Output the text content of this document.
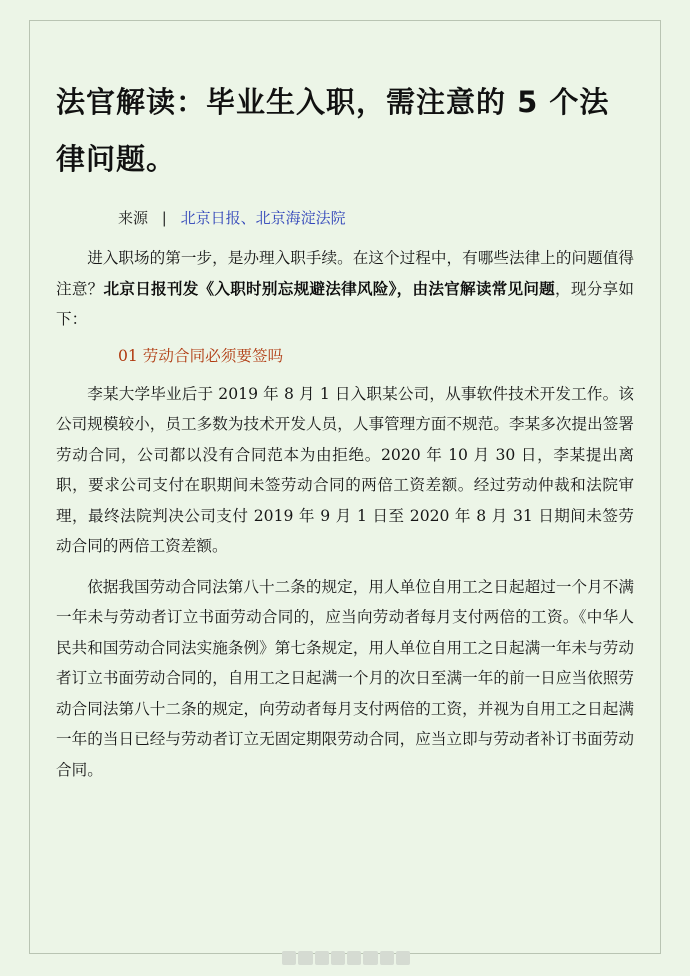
法官解读：毕业生入职，需注意的 5 个法律问题。
来源 | 北京日报、北京海淀法院

进入职场的第一步，是办理入职手续。在这个过程中，有哪些法律上的问题值得注意？北京日报刊发《入职时别忘规避法律风险》，由法官解读常见问题，现分享如下：

01 劳动合同必须要签吗

李某大学毕业后于 2019 年 8 月 1 日入职某公司，从事软件技术开发工作。该公司规模较小，员工多数为技术开发人员，人事管理方面不规范。李某多次提出签署劳动合同，公司都以没有合同范本为由拒绝。2020 年 10 月 30 日，李某提出离职，要求公司支付在职期间未签劳动合同的两倍工资差额。经过劳动仲裁和法院审理，最终法院判决公司支付 2019 年 9 月 1 日至 2020 年 8 月 31 日期间未签劳动合同的两倍工资差额。

依据我国劳动合同法第八十二条的规定，用人单位自用工之日起超过一个月不满一年未与劳动者订立书面劳动合同的，应当向劳动者每月支付两倍的工资。《中华人民共和国劳动合同法实施条例》第七条规定，用人单位自用工之日起满一年未与劳动者订立书面劳动合同的，自用工之日起满一个月的次日至满一年的前一日应当依照劳动合同法第八十二条的规定，向劳动者每月支付两倍的工资，并视为自用工之日起满一年的当日已经与劳动者订立无固定期限劳动合同，应当立即与劳动者补订书面劳动合同。
